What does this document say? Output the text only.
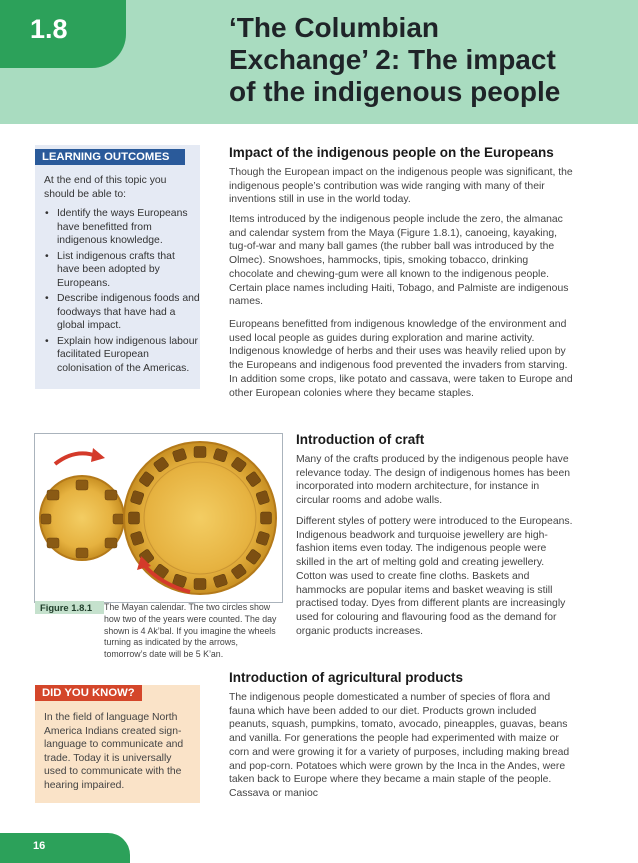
1.8	‘The Columbian
Exchange’ 2: The impact
of the indigenous people
LEARNING OUTCOMES
At the end of this topic you should be able to:
• Identify the ways Europeans have benefitted from indigenous knowledge.
• List indigenous crafts that have been adopted by Europeans.
• Describe indigenous foods and foodways that have had a global impact.
• Explain how indigenous labour facilitated European colonisation of the Americas.
Impact of the indigenous people on the Europeans

Though the European impact on the indigenous people was significant, the indigenous people’s contribution was wide ranging with many of their inventions still in use in the world today.

Items introduced by the indigenous people include the zero, the almanac and calendar system from the Maya (Figure 1.8.1), canoeing, kayaking, tug-of-war and many ball games (the rubber ball was introduced by the Olmec). Snowshoes, hammocks, tipis, smoking tobacco, drinking chocolate and chewing-gum were all known to the indigenous people. Certain place names including Haiti, Tobago, and Palmiste are indigenous names.

Europeans benefitted from indigenous knowledge of the environment and used local people as guides during exploration and marine activity. Indigenous knowledge of herbs and their uses was heavily relied upon by the Europeans and indigenous food prevented the invaders from starving. In addition some crops, like potato and cassava, were taken to Europe and other European colonies where they became staples.

Figure 1.8.1	The Mayan calendar. The two circles show how two of the years were counted. The day shown is 4 Ak’bal. If you imagine the wheels turning as indicated by the arrows, tomorrow’s date will be 5 K’an.
Introduction of craft

Many of the crafts produced by the indigenous people have relevance today. The design of indigenous homes has been incorporated into modern architecture, for instance in circular rooms and adobe walls.

Different styles of pottery were introduced to the Europeans. Indigenous beadwork and turquoise jewellery are high-fashion items even today. The indigenous people were skilled in the art of melting gold and creating jewellery. Cotton was used to create fine cloths. Baskets and hammocks are popular items and basket weaving is still practised today. Dyes from different plants are increasingly used for colouring and flavouring food as the demand for organic products increases.

DID YOU KNOW?
In the field of language North America Indians created sign-language to communicate and trade. Today it is universally used to communicate with the hearing impaired.
Introduction of agricultural products

The indigenous people domesticated a number of species of flora and fauna which have been added to our diet. Products grown included peanuts, squash, pumpkins, tomato, avocado, pineapples, guavas, beans and vanilla. For generations the people had experimented with maize or corn and were growing it for a variety of purposes, including making bread and pop-corn. Potatoes which were grown by the Inca in the Andes, were taken back to Europe where they became a main staple of the people. Cassava or manioc

16
